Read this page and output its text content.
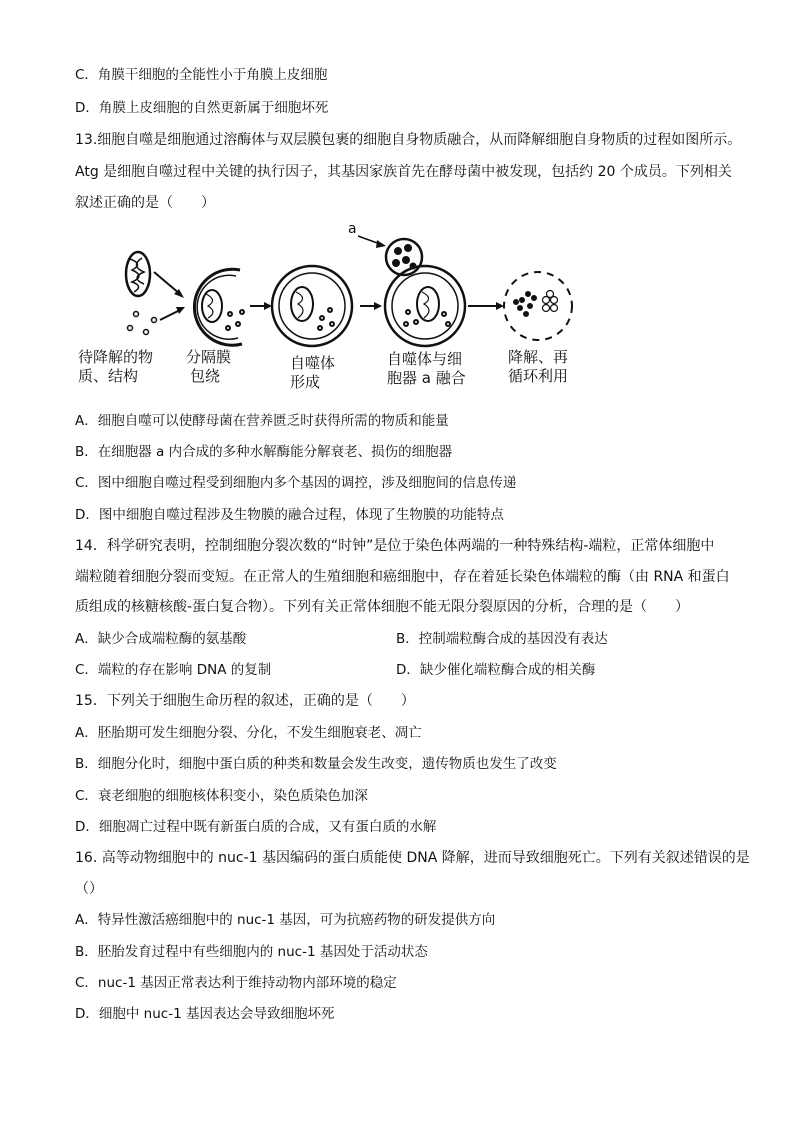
C．角膜干细胞的全能性小于角膜上皮细胞
D．角膜上皮细胞的自然更新属于细胞坏死
13.细胞自噬是细胞通过溶酶体与双层膜包裹的细胞自身物质融合，从而降解细胞自身物质的过程如图所示。
Atg 是细胞自噬过程中关键的执行因子，其基因家族首先在酵母菌中被发现，包括约 20 个成员。下列相关
叙述正确的是（　　）
a
待降解的物
质、结构
分隔膜
包绕
自噬体
形成
自噬体与细
胞器 a 融合
降解、再
循环利用
A．细胞自噬可以使酵母菌在营养匮乏时获得所需的物质和能量
B．在细胞器 a 内合成的多种水解酶能分解衰老、损伤的细胞器
C．图中细胞自噬过程受到细胞内多个基因的调控，涉及细胞间的信息传递
D．图中细胞自噬过程涉及生物膜的融合过程，体现了生物膜的功能特点
14．科学研究表明，控制细胞分裂次数的“时钟”是位于染色体两端的一种特殊结构-端粒，正常体细胞中
端粒随着细胞分裂而变短。在正常人的生殖细胞和癌细胞中，存在着延长染色体端粒的酶（由 RNA 和蛋白
质组成的核糖核酸-蛋白复合物）。下列有关正常体细胞不能无限分裂原因的分析，合理的是（　　）
A．缺少合成端粒酶的氨基酸	B．控制端粒酶合成的基因没有表达
C．端粒的存在影响 DNA 的复制	D．缺少催化端粒酶合成的相关酶
15．下列关于细胞生命历程的叙述，正确的是（　　）
A．胚胎期可发生细胞分裂、分化，不发生细胞衰老、凋亡
B．细胞分化时，细胞中蛋白质的种类和数量会发生改变，遗传物质也发生了改变
C．衰老细胞的细胞核体积变小，染色质染色加深
D．细胞凋亡过程中既有新蛋白质的合成，又有蛋白质的水解
16. 高等动物细胞中的 nuc-1 基因编码的蛋白质能使 DNA 降解，进而导致细胞死亡。下列有关叙述错误的是
（）
A．特异性激活癌细胞中的 nuc-1 基因，可为抗癌药物的研发提供方向
B．胚胎发育过程中有些细胞内的 nuc-1 基因处于活动状态
C．nuc-1 基因正常表达利于维持动物内部环境的稳定
D．细胞中 nuc-1 基因表达会导致细胞坏死
